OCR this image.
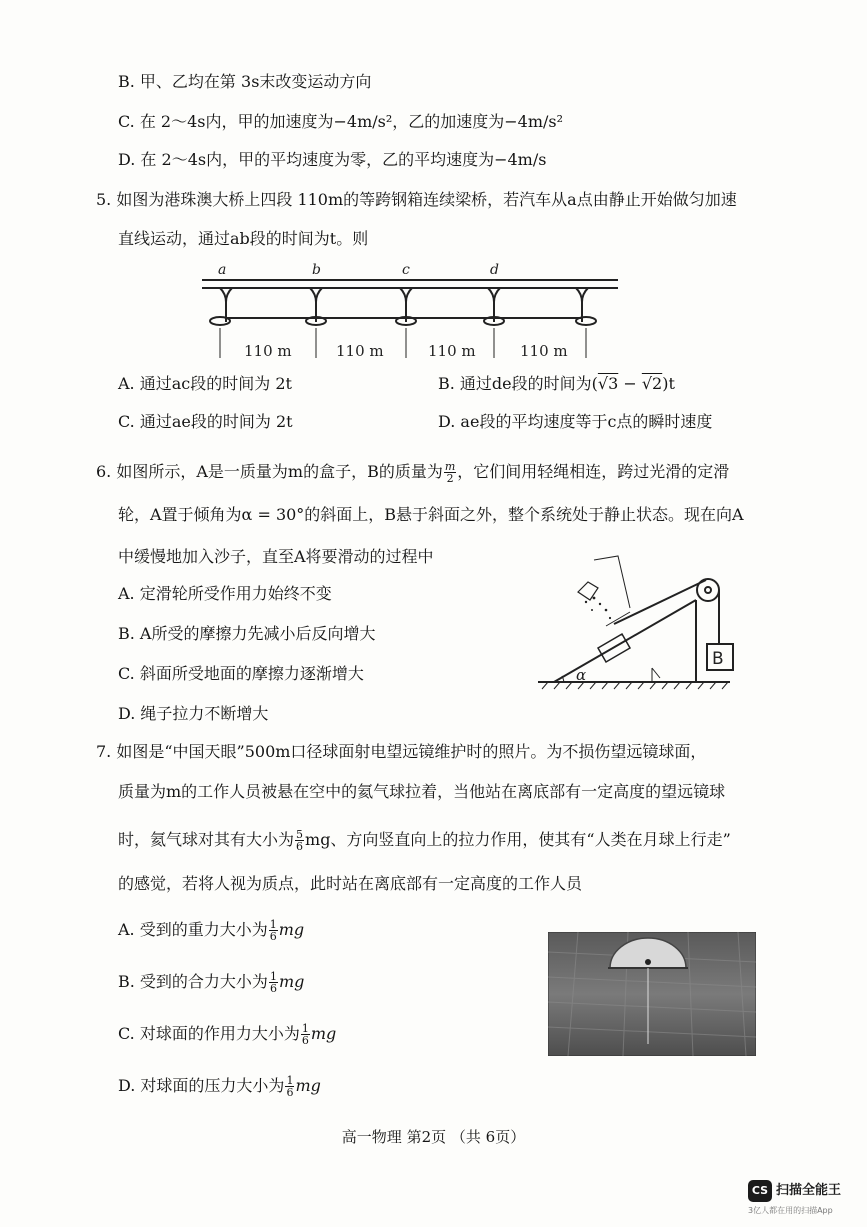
B. 甲、乙均在第 3s末改变运动方向
C. 在 2～4s内，甲的加速度为−4m/s²，乙的加速度为−4m/s²
D. 在 2～4s内，甲的平均速度为零，乙的平均速度为−4m/s
5. 如图为港珠澳大桥上四段 110m的等跨钢箱连续梁桥，若汽车从a点由静止开始做匀加速
直线运动，通过ab段的时间为t。则
a	b	c	d
110 m	110 m	110 m	110 m
A. 通过ac段的时间为 2t	B. 通过de段的时间为(√3 − √2)t
C. 通过ae段的时间为 2t	D. ae段的平均速度等于c点的瞬时速度
6. 如图所示，A是一质量为m的盒子，B的质量为 $\frac{m}{2}$ ，它们间用轻绳相连，跨过光滑的定滑
轮，A置于倾角为α = 30°的斜面上，B悬于斜面之外，整个系统处于静止状态。现在向A
中缓慢地加入沙子，直至A将要滑动的过程中
B
α
A. 定滑轮所受作用力始终不变
B. A所受的摩擦力先减小后反向增大
C. 斜面所受地面的摩擦力逐渐增大
D. 绳子拉力不断增大
7. 如图是“中国天眼”500m口径球面射电望远镜维护时的照片。为不损伤望远镜球面，
质量为m的工作人员被悬在空中的氦气球拉着，当他站在离底部有一定高度的望远镜球
时，氦气球对其有大小为 $\frac{5}{6}$ mg、方向竖直向上的拉力作用，使其有“人类在月球上行走”
的感觉，若将人视为质点，此时站在离底部有一定高度的工作人员
A. 受到的重力大小为 $\frac{1}{6}$ mg
B. 受到的合力大小为 $\frac{1}{6}$ mg
C. 对球面的作用力大小为 $\frac{1}{6}$ mg
D. 对球面的压力大小为 $\frac{1}{6}$ mg
高一物理 第2页 （共 6页）
CS 扫描全能王
3亿人都在用的扫描App
